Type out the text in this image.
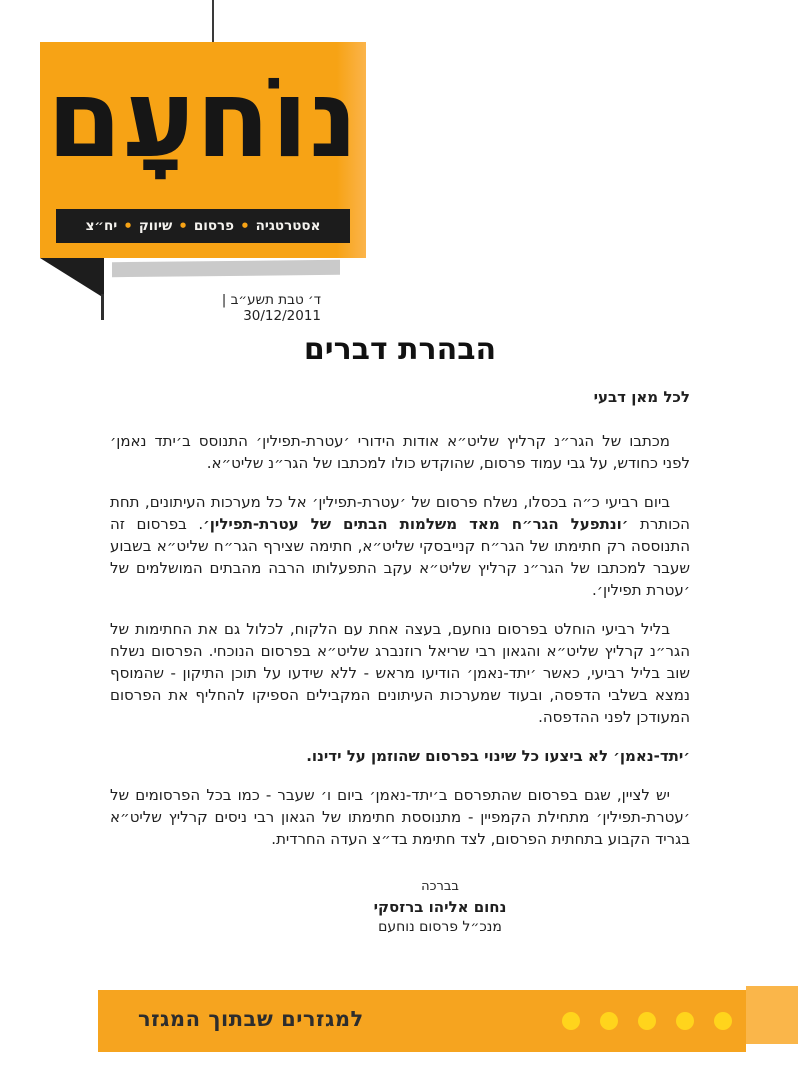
נוֹחעָם
אסטרטגיה
•
פרסום
•
שיווק
•
יח״צ
ד׳ טבת תשע״ב | 30/12/2011
הבהרת דברים
לכל מאן דבעי

מכתבו של הגר״נ קרליץ שליט״א אודות הידורי ׳עטרת-תפילין׳ התנוסס ב׳יתד נאמן׳ לפני כחודש, על גבי עמוד פרסום, שהוקדש כולו למכתבו של הגר״נ שליט״א.

ביום רביעי כ״ה בכסלו, נשלח פרסום של ׳עטרת-תפילין׳ אל כל מערכות העיתונים, תחת הכותרת ׳ונתפעל הגר״ח מאד משלמות הבתים של עטרת-תפילין׳. בפרסום זה התנוססה רק חתימתו של הגר״ח קנייבסקי שליט״א, חתימה שצירף הגר״ח שליט״א בשבוע שעבר למכתבו של הגר״נ קרליץ שליט״א עקב התפעלותו הרבה מהבתים המושלמים של ׳עטרת תפילין׳.

בליל רביעי הוחלט בפרסום נוחעם, בעצה אחת עם הלקוח, לכלול גם את החתימות של הגר״נ קרליץ שליט״א והגאון רבי שריאל רוזנברג שליט״א בפרסום הנוכחי. הפרסום נשלח שוב בליל רביעי, כאשר ׳יתד-נאמן׳ הודיעו מראש - ללא שידעו על תוכן התיקון - שהמוסף נמצא בשלבי הדפסה, ובעוד שמערכות העיתונים המקבילים הספיקו להחליף את הפרסום המעודכן לפני ההדפסה.

׳יתד-נאמן׳ לא ביצעו כל שינוי בפרסום שהוזמן על ידינו.

יש לציין, שגם בפרסום שהתפרסם ב׳יתד-נאמן׳ ביום ו׳ שעבר - כמו בכל הפרסומים של ׳עטרת-תפילין׳ מתחילת הקמפיין - מתנוססת חתימתו של הגאון רבי ניסים קרליץ שליט״א בגריד הקבוע בתחתית הפרסום, לצד חתימת בד״צ העדה החרדית.

בברכה
נחום אליהו ברזסקי
מנכ״ל פרסום נוחעם
למגזרים שבתוך המגזר
